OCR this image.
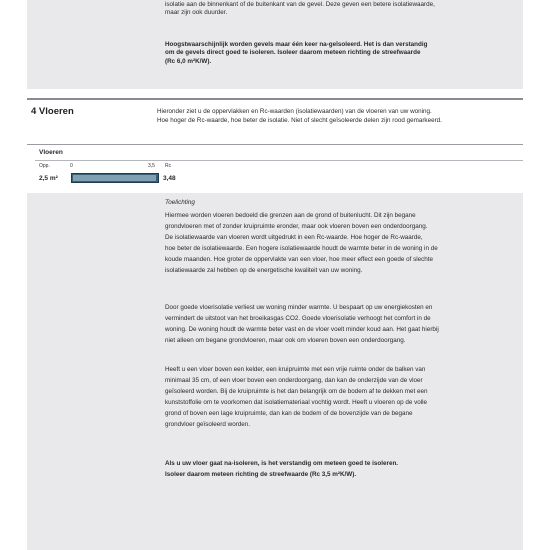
isolatie aan de binnenkant of de buitenkant van de gevel. Deze geven een betere isolatiewaarde,
maar zijn ook duurder.
Hoogstwaarschijnlijk worden gevels maar één keer na-geïsoleerd. Het is dan verstandig
om de gevels direct goed te isoleren. Isoleer daarom meteen richting de streefwaarde
(Rc 6,0 m²K/W).
4 Vloeren	Hieronder ziet u de oppervlakken en Rc-waarden (isolatiewaarden) van de vloeren van uw woning.
Hoe hoger de Rc-waarde, hoe beter de isolatie. Niet of slecht geïsoleerde delen zijn rood gemarkeerd.
Vloeren
Opp.	0	3,5 Rc
2,5 m²	3,48
Toelichting
Hiermee worden vloeren bedoeld die grenzen aan de grond of buitenlucht. Dit zijn begane
grondvloeren met of zonder kruipruimte eronder, maar ook vloeren boven een onderdoorgang.
De isolatiewaarde van vloeren wordt uitgedrukt in een Rc-waarde. Hoe hoger de Rc-waarde,
hoe beter de isolatiewaarde. Een hogere isolatiewaarde houdt de warmte beter in de woning in de
koude maanden. Hoe groter de oppervlakte van een vloer, hoe meer effect een goede of slechte
isolatiewaarde zal hebben op de energetische kwaliteit van uw woning.
Door goede vloerisolatie verliest uw woning minder warmte. U bespaart op uw energiekosten en
vermindert de uitstoot van het broeikasgas CO2. Goede vloerisolatie verhoogt het comfort in de
woning. De woning houdt de warmte beter vast en de vloer voelt minder koud aan. Het gaat hierbij
niet alleen om begane grondvloeren, maar ook om vloeren boven een onderdoorgang.
Heeft u een vloer boven een kelder, een kruipruimte met een vrije ruimte onder de balken van
minimaal 35 cm, of een vloer boven een onderdoorgang, dan kan de onderzijde van de vloer
geïsoleerd worden. Bij de kruipruimte is het dan belangrijk om de bodem af te dekken met een
kunststoffolie om te voorkomen dat isolatiemateriaal vochtig wordt. Heeft u vloeren op de volle
grond of boven een lage kruipruimte, dan kan de bodem of de bovenzijde van de begane
grondvloer geïsoleerd worden.
Als u uw vloer gaat na-isoleren, is het verstandig om meteen goed te isoleren.
Isoleer daarom meteen richting de streefwaarde (Rc 3,5 m²K/W).
